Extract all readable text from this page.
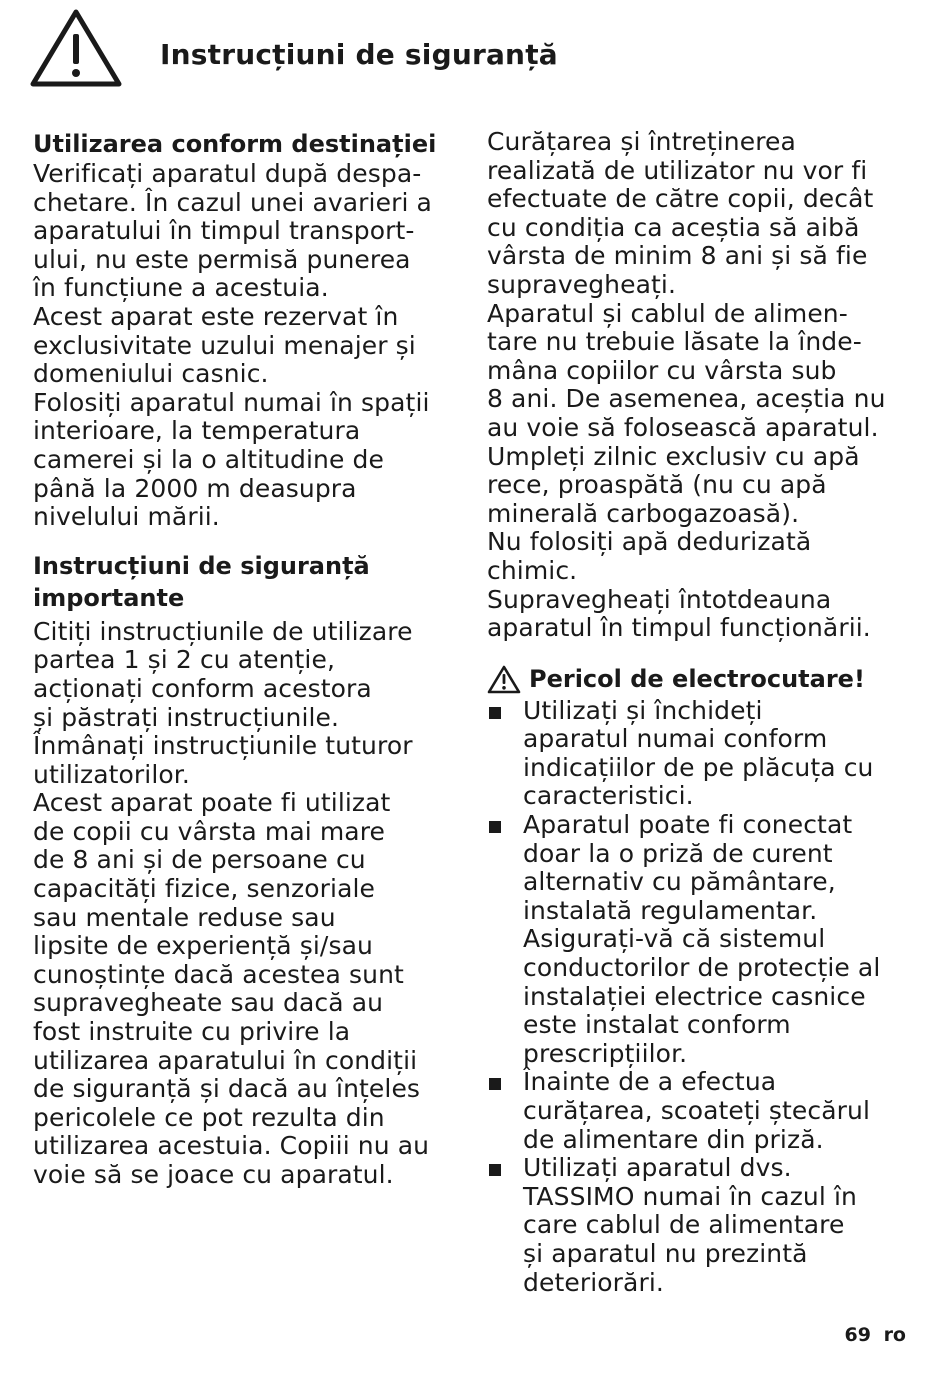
Instrucțiuni de siguranță
Utilizarea conform destinației

Verificați aparatul după despa-
chetare. În cazul unei avarieri a
aparatului în timpul transport-
ului, nu este permisă punerea
în funcțiune a acestuia.

Acest aparat este rezervat în
exclusivitate uzului menajer și
domeniului casnic.

Folosiți aparatul numai în spații
interioare, la temperatura
camerei și la o altitudine de
până la 2000 m deasupra
nivelului mării.

Instrucțiuni de siguranță
importante

Citiți instrucțiunile de utilizare
partea 1 și 2 cu atenție,
acționați conform acestora
și păstrați instrucțiunile.
Înmânați instrucțiunile tuturor
utilizatorilor.

Acest aparat poate fi utilizat
de copii cu vârsta mai mare
de 8 ani și de persoane cu
capacități fizice, senzoriale
sau mentale reduse sau
lipsite de experiență și/sau
cunoștințe dacă acestea sunt
supravegheate sau dacă au
fost instruite cu privire la
utilizarea aparatului în condiții
de siguranță și dacă au înțeles
pericolele ce pot rezulta din
utilizarea acestuia. Copiii nu au
voie să se joace cu aparatul.

Curățarea și întreținerea
realizată de utilizator nu vor fi
efectuate de către copii, decât
cu condiția ca aceștia să aibă
vârsta de minim 8 ani și să fie
supravegheați.

Aparatul și cablul de alimen-
tare nu trebuie lăsate la înde-
mâna copiilor cu vârsta sub
8 ani. De asemenea, aceștia nu
au voie să folosească aparatul.

Umpleți zilnic exclusiv cu apă
rece, proaspătă (nu cu apă
minerală carbogazoasă).

Nu folosiți apă dedurizată
chimic.

Supravegheați întotdeauna
aparatul în timpul funcționării.

Pericol de electrocutare!
Utilizați și închideți
aparatul numai conform
indicațiilor de pe plăcuța cu
caracteristici.
Aparatul poate fi conectat
doar la o priză de curent
alternativ cu pământare,
instalată regulamentar.
Asigurați-vă că sistemul
conductorilor de protecție al
instalației electrice casnice
este instalat conform
prescripțiilor.
Înainte de a efectua
curățarea, scoateți ștecărul
de alimentare din priză.
Utilizați aparatul dvs.
TASSIMO numai în cazul în
care cablul de alimentare
și aparatul nu prezintă
deteriorări.
69 ro
